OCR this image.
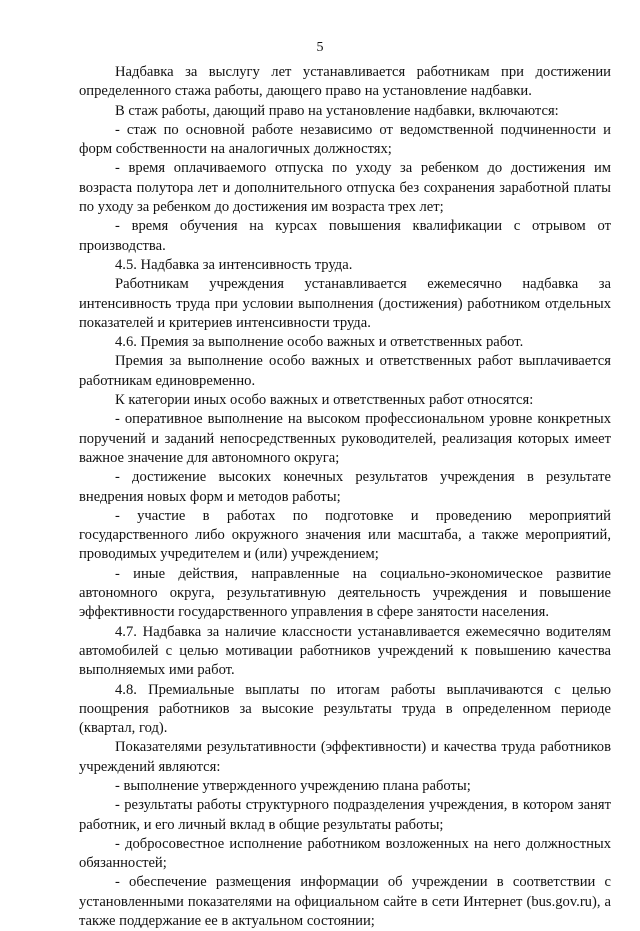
5

Надбавка за выслугу лет устанавливается работникам при достижении определенного стажа работы, дающего право на установление надбавки.

В стаж работы, дающий право на установление надбавки, включаются:

- стаж по основной работе независимо от ведомственной подчиненности и форм собственности на аналогичных должностях;

- время оплачиваемого отпуска по уходу за ребенком до достижения им возраста полутора лет и дополнительного отпуска без сохранения заработной платы по уходу за ребенком до достижения им возраста трех лет;

- время обучения на курсах повышения квалификации с отрывом от производства.

4.5. Надбавка за интенсивность труда.

Работникам учреждения устанавливается ежемесячно надбавка за интенсивность труда при условии выполнения (достижения) работником отдельных показателей и критериев интенсивности труда.

4.6. Премия за выполнение особо важных и ответственных работ.

Премия за выполнение особо важных и ответственных работ выплачивается работникам единовременно.

К категории иных особо важных и ответственных работ относятся:

- оперативное выполнение на высоком профессиональном уровне конкретных поручений и заданий непосредственных руководителей, реализация которых имеет важное значение для автономного округа;

- достижение высоких конечных результатов учреждения в результате внедрения новых форм и методов работы;

- участие в работах по подготовке и проведению мероприятий государственного либо окружного значения или масштаба, а также мероприятий, проводимых учредителем и (или) учреждением;

- иные действия, направленные на социально-экономическое развитие автономного округа, результативную деятельность учреждения и повышение эффективности государственного управления в сфере занятости населения.

4.7. Надбавка за наличие классности устанавливается ежемесячно водителям автомобилей с целью мотивации работников учреждений к повышению качества выполняемых ими работ.

4.8. Премиальные выплаты по итогам работы выплачиваются с целью поощрения работников за высокие результаты труда в определенном периоде (квартал, год).

Показателями результативности (эффективности) и качества труда работников учреждений являются:

- выполнение утвержденного учреждению плана работы;

- результаты работы структурного подразделения учреждения, в котором занят работник, и его личный вклад в общие результаты работы;

- добросовестное исполнение работником возложенных на него должностных обязанностей;

- обеспечение размещения информации об учреждении в соответствии с установленными показателями на официальном сайте в сети Интернет (bus.gov.ru), а также поддержание ее в актуальном состоянии;
